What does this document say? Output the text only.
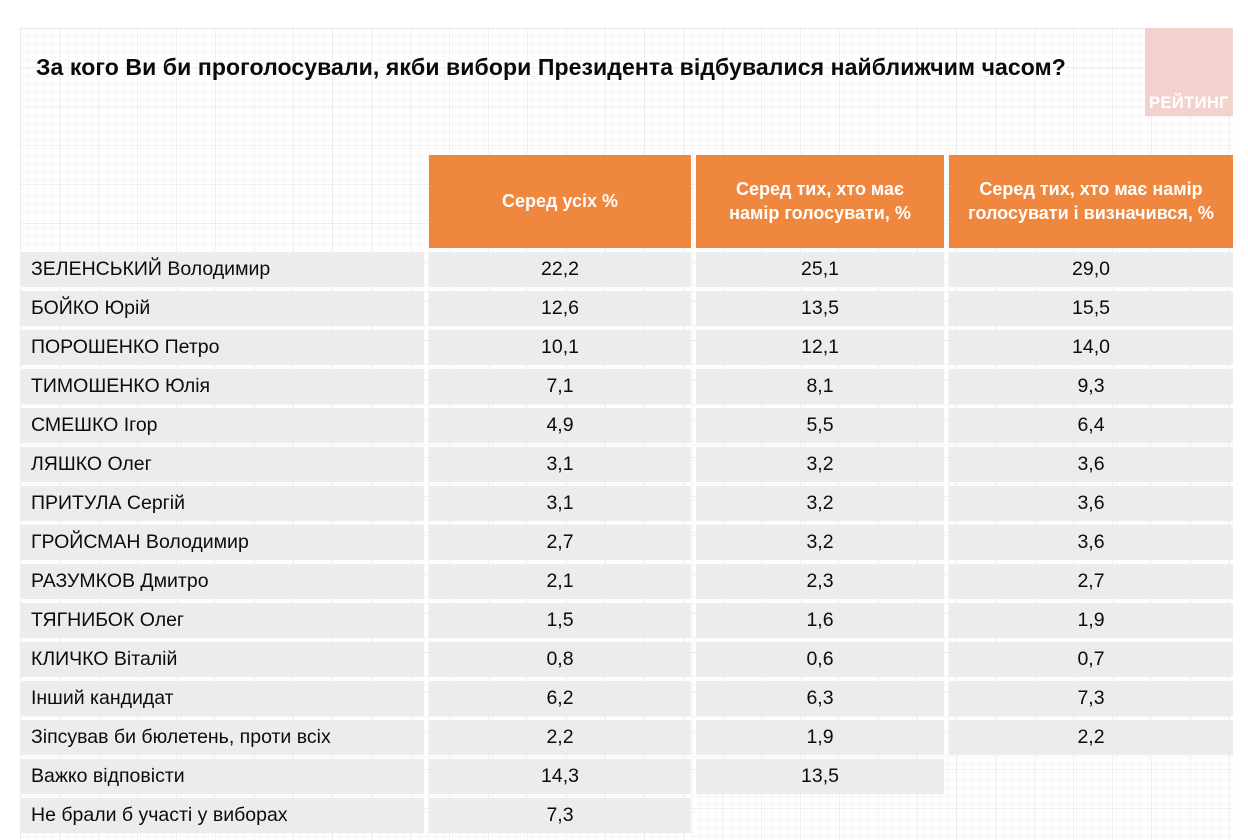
За кого Ви би проголосували, якби вибори Президента відбувалися найближчим часом?
РЕЙТИНГ
Серед усіх %
Серед тих, хто має намір голосувати, %
Серед тих, хто має намір голосувати і визначився, %
ЗЕЛЕНСЬКИЙ Володимир	22,2	25,1	29,0
БОЙКО Юрій	12,6	13,5	15,5
ПОРОШЕНКО Петро	10,1	12,1	14,0
ТИМОШЕНКО Юлія	7,1	8,1	9,3
СМЕШКО Ігор	4,9	5,5	6,4
ЛЯШКО Олег	3,1	3,2	3,6
ПРИТУЛА Сергій	3,1	3,2	3,6
ГРОЙСМАН Володимир	2,7	3,2	3,6
РАЗУМКОВ Дмитро	2,1	2,3	2,7
ТЯГНИБОК Олег	1,5	1,6	1,9
КЛИЧКО Віталій	0,8	0,6	0,7
Інший кандидат	6,2	6,3	7,3
Зіпсував би бюлетень, проти всіх	2,2	1,9	2,2
Важко відповісти	14,3	13,5
Не брали б участі у виборах	7,3
